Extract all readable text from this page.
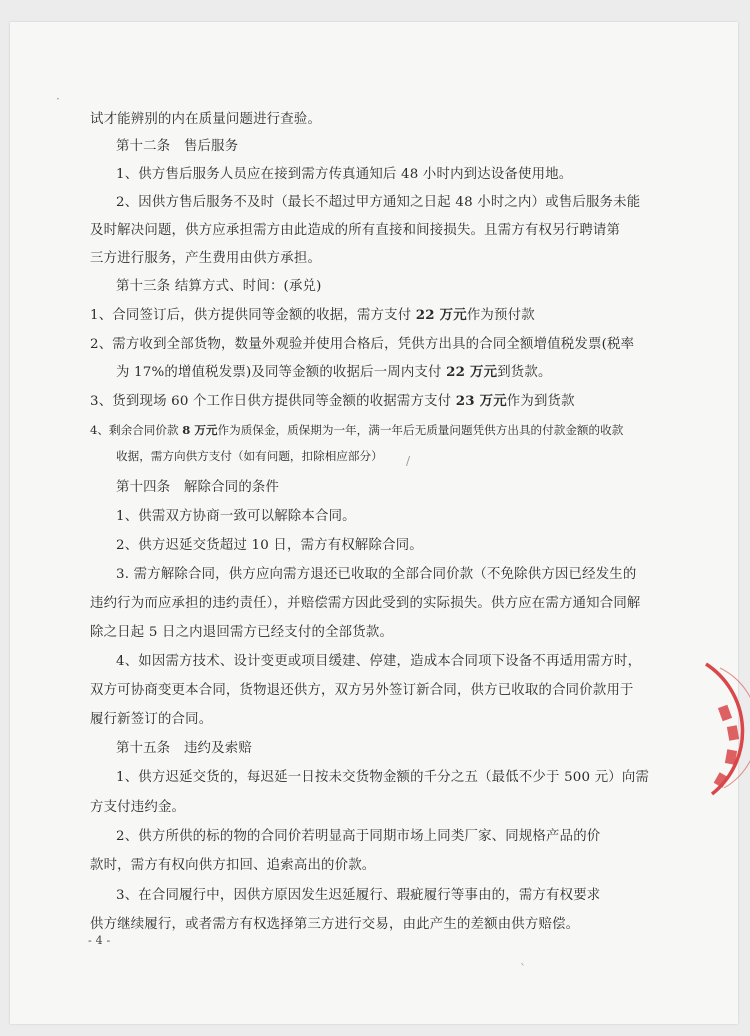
试才能辨别的内在质量问题进行查验。
第十二条　售后服务
1、供方售后服务人员应在接到需方传真通知后 48 小时内到达设备使用地。
2、因供方售后服务不及时（最长不超过甲方通知之日起 48 小时之内）或售后服务未能
及时解决问题，供方应承担需方由此造成的所有直接和间接损失。且需方有权另行聘请第
三方进行服务，产生费用由供方承担。
第十三条 结算方式、时间：(承兑)
1、合同签订后，供方提供同等金额的收据，需方支付 22 万元作为预付款
2、需方收到全部货物，数量外观验并使用合格后，凭供方出具的合同全额增值税发票(税率
为 17%的增值税发票)及同等金额的收据后一周内支付 22 万元到货款。
3、货到现场 60 个工作日供方提供同等金额的收据需方支付 23 万元作为到货款
4、剩余合同价款 8 万元作为质保金，质保期为一年，满一年后无质量问题凭供方出具的付款金额的收款
收据，需方向供方支付（如有问题，扣除相应部分）
第十四条　解除合同的条件
1、供需双方协商一致可以解除本合同。
2、供方迟延交货超过 10 日，需方有权解除合同。
3. 需方解除合同，供方应向需方退还已收取的全部合同价款（不免除供方因已经发生的
违约行为而应承担的违约责任），并赔偿需方因此受到的实际损失。供方应在需方通知合同解
除之日起 5 日之内退回需方已经支付的全部货款。
4、如因需方技术、设计变更或项目缓建、停建，造成本合同项下设备不再适用需方时，
双方可协商变更本合同，货物退还供方，双方另外签订新合同，供方已收取的合同价款用于
履行新签订的合同。
第十五条　违约及索赔
1、供方迟延交货的，每迟延一日按未交货物金额的千分之五（最低不少于 500 元）向需
方支付违约金。
2、供方所供的标的物的合同价若明显高于同期市场上同类厂家、同规格产品的价
款时，需方有权向供方扣回、追索高出的价款。
3、在合同履行中，因供方原因发生迟延履行、瑕疵履行等事由的，需方有权要求
供方继续履行，或者需方有权选择第三方进行交易，由此产生的差额由供方赔偿。
- 4 -
·
/
`
